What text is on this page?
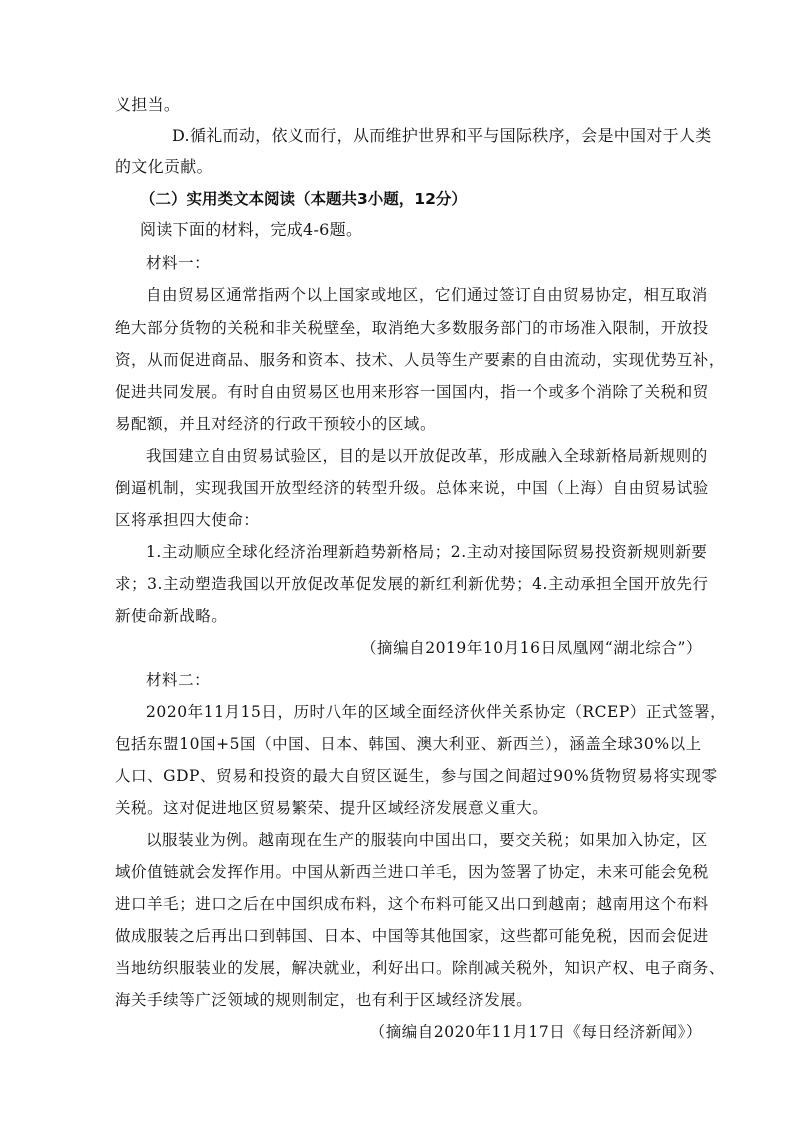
义担当。
D.循礼而动，依义而行，从而维护世界和平与国际秩序，会是中国对于人类
的文化贡献。
（二）实用类文本阅读（本题共3小题，12分）
阅读下面的材料，完成4-6题。
材料一：
自由贸易区通常指两个以上国家或地区，它们通过签订自由贸易协定，相互取消
绝大部分货物的关税和非关税壁垒，取消绝大多数服务部门的市场准入限制，开放投
资，从而促进商品、服务和资本、技术、人员等生产要素的自由流动，实现优势互补，
促进共同发展。有时自由贸易区也用来形容一国国内，指一个或多个消除了关税和贸
易配额，并且对经济的行政干预较小的区域。
我国建立自由贸易试验区，目的是以开放促改革，形成融入全球新格局新规则的
倒逼机制，实现我国开放型经济的转型升级。总体来说，中国（上海）自由贸易试验
区将承担四大使命：
1.主动顺应全球化经济治理新趋势新格局；2.主动对接国际贸易投资新规则新要
求；3.主动塑造我国以开放促改革促发展的新红利新优势；4.主动承担全国开放先行
新使命新战略。
（摘编自2019年10月16日凤凰网“湖北综合”）
材料二：
2020年11月15日，历时八年的区域全面经济伙伴关系协定（RCEP）正式签署，
包括东盟10国+5国（中国、日本、韩国、澳大利亚、新西兰），涵盖全球30%以上
人口、GDP、贸易和投资的最大自贸区诞生，参与国之间超过90%货物贸易将实现零
关税。这对促进地区贸易繁荣、提升区域经济发展意义重大。
以服装业为例。越南现在生产的服装向中国出口，要交关税；如果加入协定，区
域价值链就会发挥作用。中国从新西兰进口羊毛，因为签署了协定，未来可能会免税
进口羊毛；进口之后在中国织成布料，这个布料可能又出口到越南；越南用这个布料
做成服装之后再出口到韩国、日本、中国等其他国家，这些都可能免税，因而会促进
当地纺织服装业的发展，解决就业，利好出口。除削减关税外，知识产权、电子商务、
海关手续等广泛领域的规则制定，也有利于区域经济发展。
（摘编自2020年11月17日《每日经济新闻》）
